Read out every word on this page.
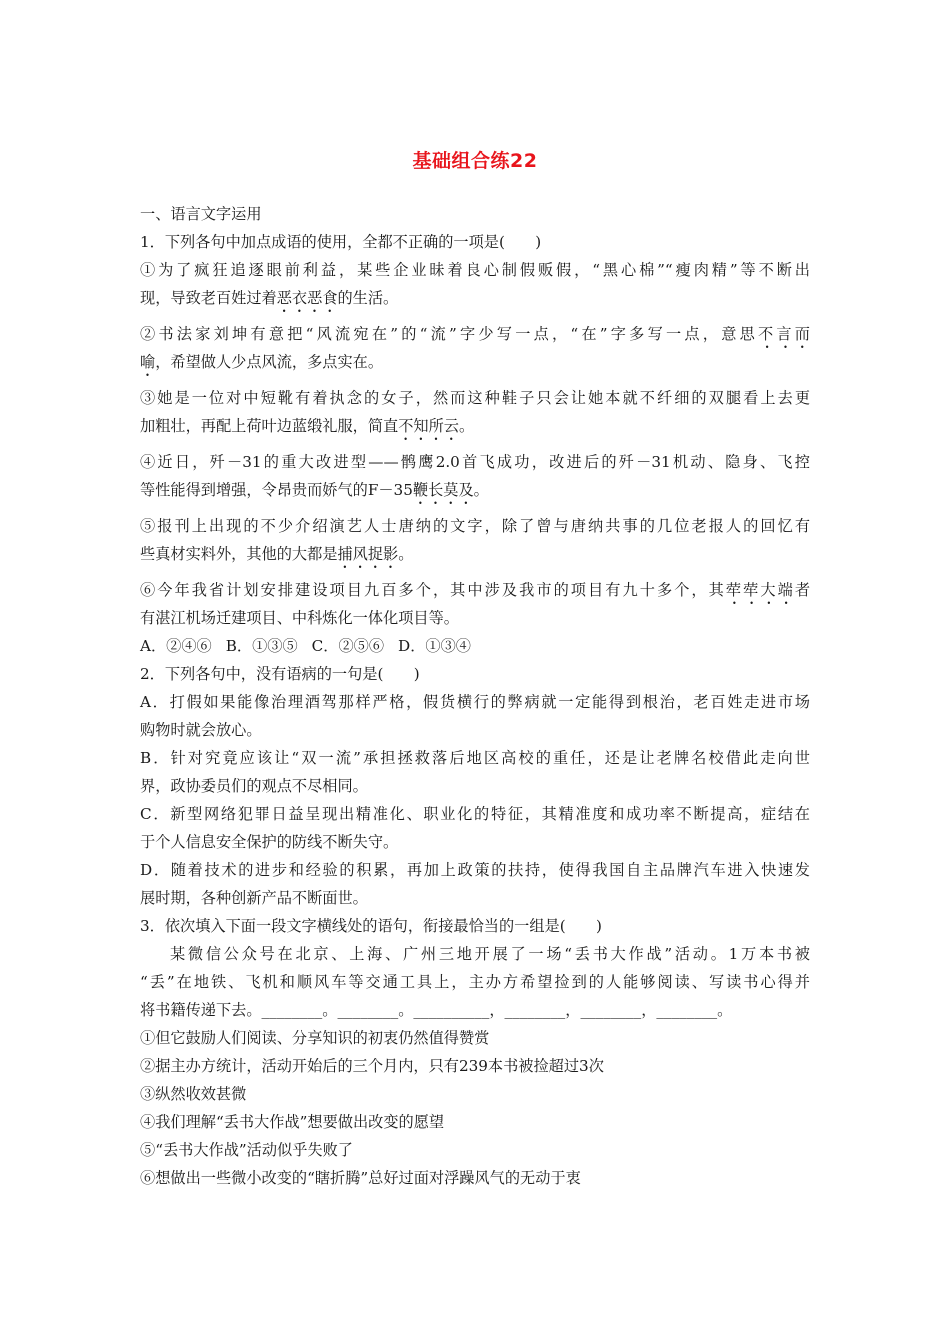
基础组合练22
一、语言文字运用
1．下列各句中加点成语的使用，全都不正确的一项是(　　)
①为了疯狂追逐眼前利益，某些企业昧着良心制假贩假，“黑心棉”“瘦肉精”等不断出
现，导致老百姓过着恶衣恶食的生活。
②书法家刘坤有意把“风流宛在”的“流”字少写一点，“在”字多写一点，意思不言而
喻，希望做人少点风流，多点实在。
③她是一位对中短靴有着执念的女子，然而这种鞋子只会让她本就不纤细的双腿看上去更
加粗壮，再配上荷叶边蓝缎礼服，简直不知所云。
④近日，歼－31的重大改进型——鹘鹰2.0首飞成功，改进后的歼－31机动、隐身、飞控
等性能得到增强，令昂贵而娇气的F－35鞭长莫及。
⑤报刊上出现的不少介绍演艺人士唐纳的文字，除了曾与唐纳共事的几位老报人的回忆有
些真材实料外，其他的大都是捕风捉影。
⑥今年我省计划安排建设项目九百多个，其中涉及我市的项目有九十多个，其荦荦大端者
有湛江机场迁建项目、中科炼化一体化项目等。
A．②④⑥ B．①③⑤ C．②⑤⑥ D．①③④
2．下列各句中，没有语病的一句是(　　)
A．打假如果能像治理酒驾那样严格，假货横行的弊病就一定能得到根治，老百姓走进市场
购物时就会放心。
B．针对究竟应该让“双一流”承担拯救落后地区高校的重任，还是让老牌名校借此走向世
界，政协委员们的观点不尽相同。
C．新型网络犯罪日益呈现出精准化、职业化的特征，其精准度和成功率不断提高，症结在
于个人信息安全保护的防线不断失守。
D．随着技术的进步和经验的积累，再加上政策的扶持，使得我国自主品牌汽车进入快速发
展时期，各种创新产品不断面世。
3．依次填入下面一段文字横线处的语句，衔接最恰当的一组是(　　)
某微信公众号在北京、上海、广州三地开展了一场“丢书大作战”活动。1万本书被
“丢”在地铁、飞机和顺风车等交通工具上，主办方希望捡到的人能够阅读、写读书心得并
将书籍传递下去。________。________。__________，________，________，________。
①但它鼓励人们阅读、分享知识的初衷仍然值得赞赏
②据主办方统计，活动开始后的三个月内，只有239本书被捡超过3次
③纵然收效甚微
④我们理解“丢书大作战”想要做出改变的愿望
⑤“丢书大作战”活动似乎失败了
⑥想做出一些微小改变的“瞎折腾”总好过面对浮躁风气的无动于衷
